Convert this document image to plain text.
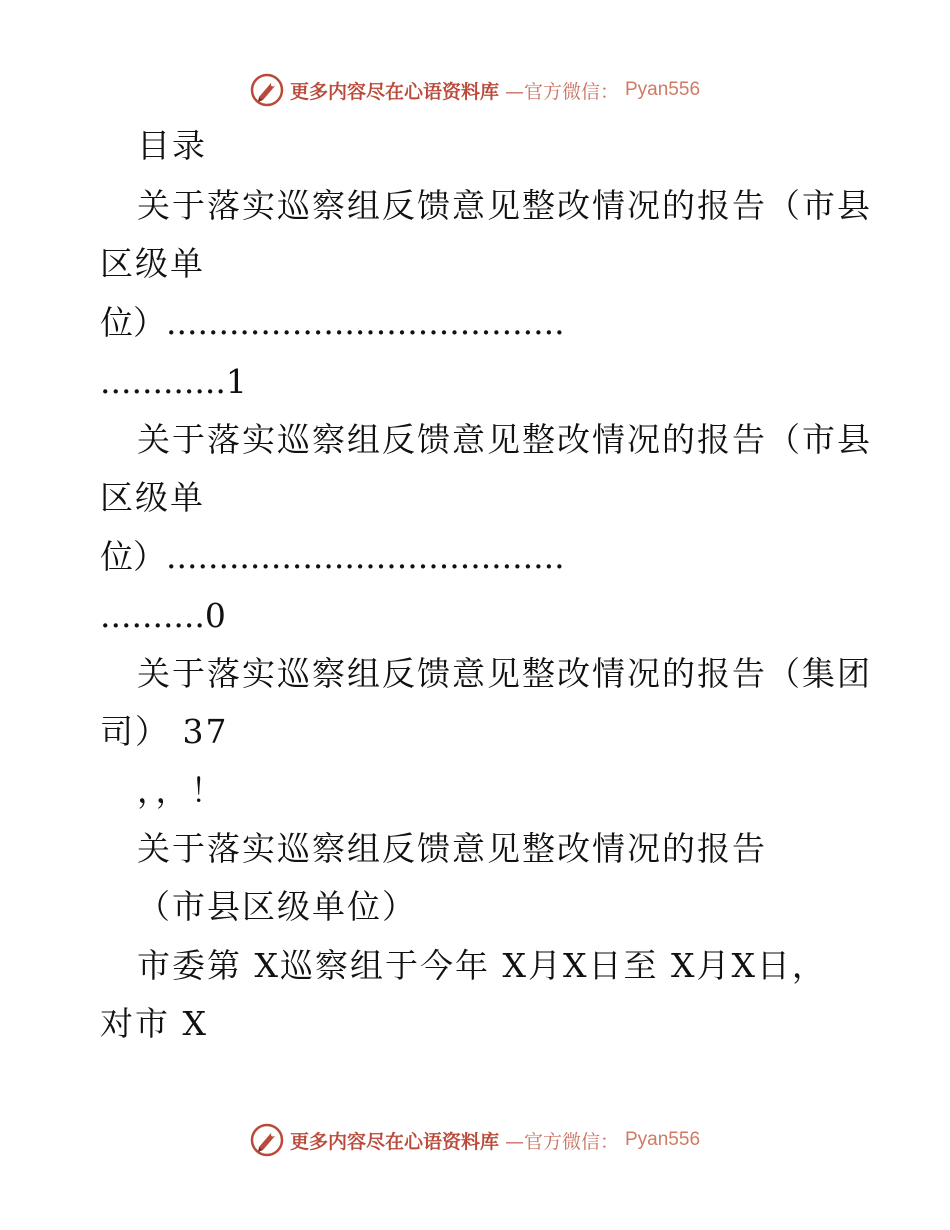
更多内容尽在心语资料库 —官方微信： Pyan556
目录
关于落实巡察组反馈意见整改情况的报告（市县
区级单
位）......................................
............1
关于落实巡察组反馈意见整改情况的报告（市县
区级单
位）......................................
..........0
关于落实巡察组反馈意见整改情况的报告（集团
司） 37
，，！
关于落实巡察组反馈意见整改情况的报告
（市县区级单位）
市委第 X巡察组于今年 X月X日至 X月X日，
对市 X
更多内容尽在心语资料库 —官方微信： Pyan556
